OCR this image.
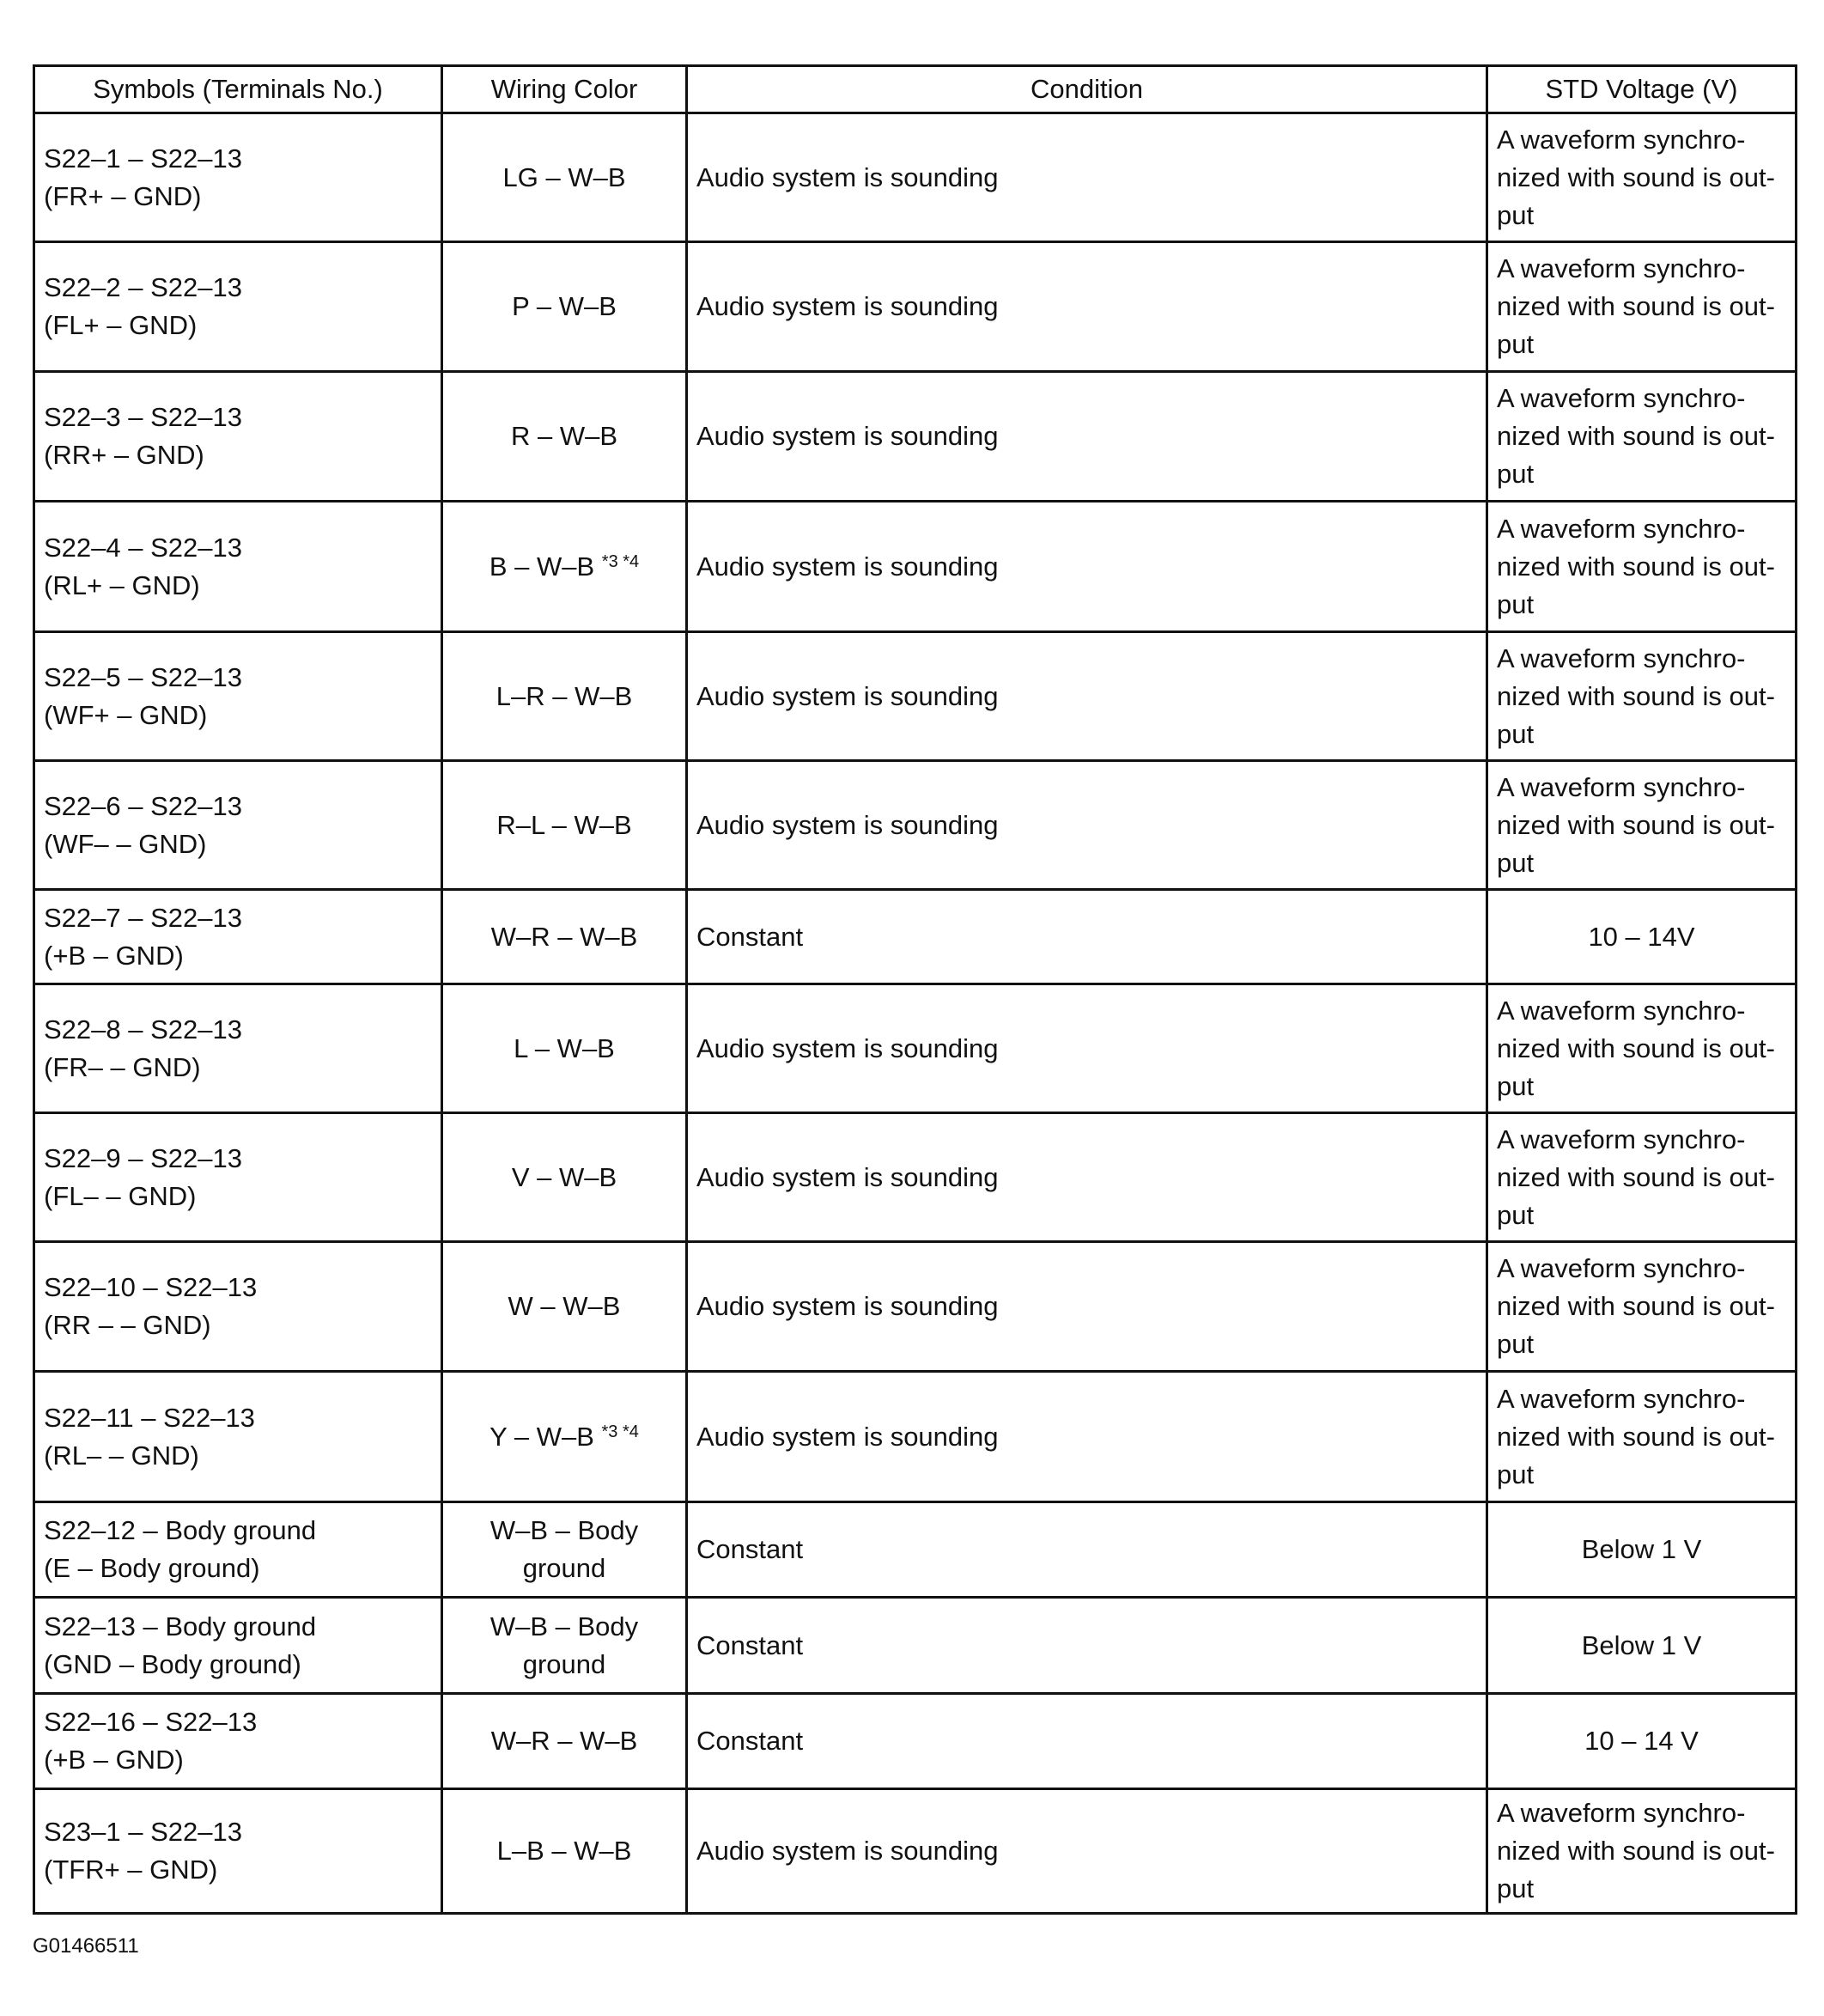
Symbols (Terminals No.)	Wiring Color	Condition	STD Voltage (V)

S22–1 – S22–13
(FR+ – GND)	LG – W–B	Audio system is sounding	A waveform synchro-
nized with sound is out-
put

S22–2 – S22–13
(FL+ – GND)	P – W–B	Audio system is sounding	A waveform synchro-
nized with sound is out-
put

S22–3 – S22–13
(RR+ – GND)	R – W–B	Audio system is sounding	A waveform synchro-
nized with sound is out-
put

S22–4 – S22–13
(RL+ – GND)	B – W–B $^{*3 *4}$	Audio system is sounding	A waveform synchro-
nized with sound is out-
put

S22–5 – S22–13
(WF+ – GND)	L–R – W–B	Audio system is sounding	A waveform synchro-
nized with sound is out-
put

S22–6 – S22–13
(WF– – GND)	R–L – W–B	Audio system is sounding	A waveform synchro-
nized with sound is out-
put

S22–7 – S22–13
(+B – GND)	W–R – W–B	Constant	10 – 14V

S22–8 – S22–13
(FR– – GND)	L – W–B	Audio system is sounding	A waveform synchro-
nized with sound is out-
put

S22–9 – S22–13
(FL– – GND)	V – W–B	Audio system is sounding	A waveform synchro-
nized with sound is out-
put

S22–10 – S22–13
(RR – – GND)	W – W–B	Audio system is sounding	A waveform synchro-
nized with sound is out-
put

S22–11 – S22–13
(RL– – GND)	Y – W–B $^{*3 *4}$	Audio system is sounding	A waveform synchro-
nized with sound is out-
put

S22–12 – Body ground
(E – Body ground)	W–B – Body
ground	Constant	Below 1 V

S22–13 – Body ground
(GND – Body ground)	W–B – Body
ground	Constant	Below 1 V

S22–16 – S22–13
(+B – GND)	W–R – W–B	Constant	10 – 14 V

S23–1 – S22–13
(TFR+ – GND)	L–B – W–B	Audio system is sounding	A waveform synchro-
nized with sound is out-
put
G01466511
